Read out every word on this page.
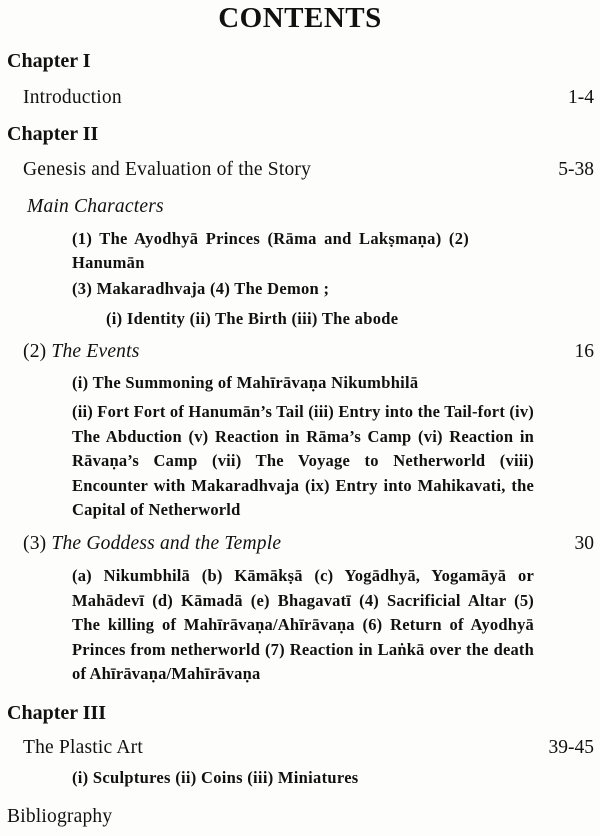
CONTENTS
Chapter I
Introduction	1-4
Chapter II
Genesis and Evaluation of the Story	5-38
Main Characters
(1) The Ayodhyā Princes (Rāma and Lakṣmaṇa) (2)
Hanumān
(3) Makaradhvaja (4) The Demon ;
(i) Identity (ii) The Birth (iii) The abode
(2) The Events	16
(i) The Summoning of Mahīrāvaṇa Nikumbhilā
(ii) Fort Fort of Hanumān’s Tail (iii) Entry into the Tail-fort (iv) The Abduction (v) Reaction in Rāma’s Camp (vi) Reaction in Rāvaṇa’s Camp (vii) The Voyage to Netherworld (viii) Encounter with Makaradhvaja (ix) Entry into Mahikavati, the Capital of Netherworld
(3) The Goddess and the Temple	30
(a) Nikumbhilā (b) Kāmākṣā (c) Yogādhyā, Yogamāyā or Mahādevī (d) Kāmadā (e) Bhagavatī (4) Sacrificial Altar (5) The killing of Mahīrāvaṇa/Ahīrāvaṇa (6) Return of Ayodhyā Princes from netherworld (7) Reaction in Laṅkā over the death of Ahīrāvaṇa/Mahīrāvaṇa
Chapter III
The Plastic Art	39-45
(i) Sculptures (ii) Coins (iii) Miniatures
Bibliography
